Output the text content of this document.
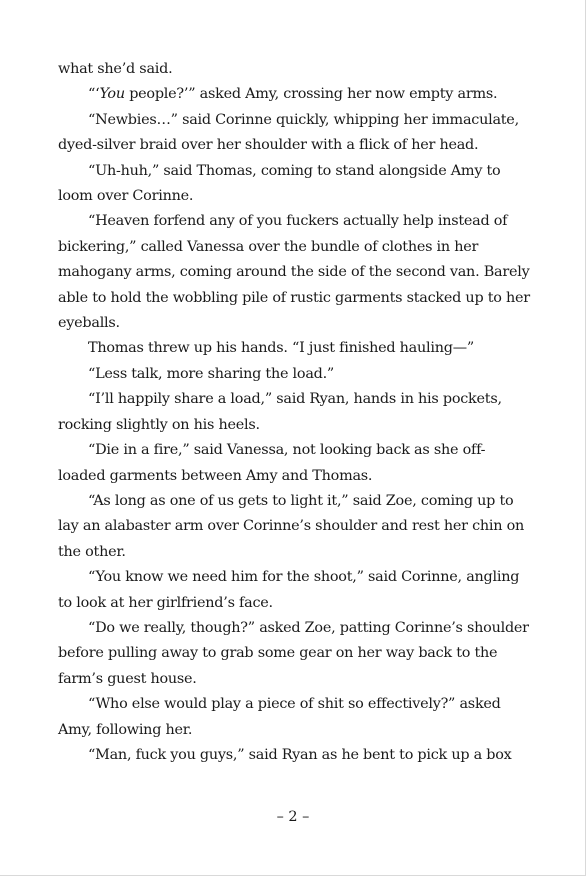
what she’d said.

“‘You people?’” asked Amy, crossing her now empty arms.

“Newbies…” said Corinne quickly, whipping her immaculate, dyed-silver braid over her shoulder with a flick of her head.

“Uh-huh,” said Thomas, coming to stand alongside Amy to loom over Corinne.

“Heaven forfend any of you fuckers actually help instead of bickering,” called Vanessa over the bundle of clothes in her mahogany arms, coming around the side of the second van. Barely able to hold the wobbling pile of rustic garments stacked up to her eyeballs.

Thomas threw up his hands. “I just finished hauling—”

“Less talk, more sharing the load.”

“I’ll happily share a load,” said Ryan, hands in his pockets, rocking slightly on his heels.

“Die in a fire,” said Vanessa, not looking back as she off-loaded garments between Amy and Thomas.

“As long as one of us gets to light it,” said Zoe, coming up to lay an alabaster arm over Corinne’s shoulder and rest her chin on the other.

“You know we need him for the shoot,” said Corinne, angling to look at her girlfriend’s face.

“Do we really, though?” asked Zoe, patting Corinne’s shoulder before pulling away to grab some gear on her way back to the farm’s guest house.

“Who else would play a piece of shit so effectively?” asked Amy, following her.

“Man, fuck you guys,” said Ryan as he bent to pick up a box

– 2 –
